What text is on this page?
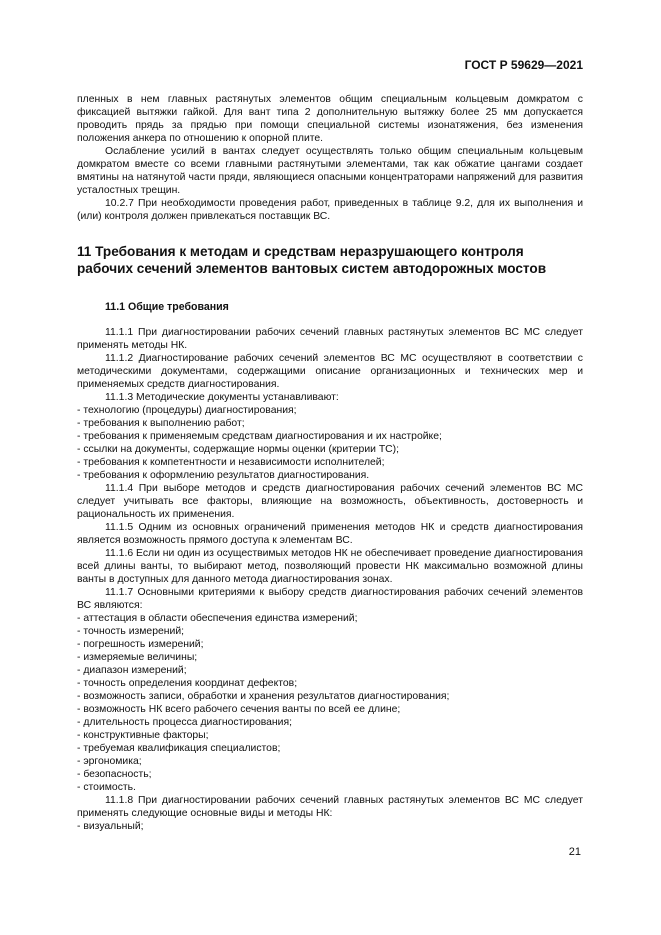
ГОСТ Р 59629—2021

пленных в нем главных растянутых элементов общим специальным кольцевым домкратом с фиксацией вытяжки гайкой. Для вант типа 2 дополнительную вытяжку более 25 мм допускается проводить прядь за прядью при помощи специальной системы изонатяжения, без изменения положения анкера по отношению к опорной плите.

Ослабление усилий в вантах следует осуществлять только общим специальным кольцевым домкратом вместе со всеми главными растянутыми элементами, так как обжатие цангами создает вмятины на натянутой части пряди, являющиеся опасными концентраторами напряжений для развития усталостных трещин.

10.2.7 При необходимости проведения работ, приведенных в таблице 9.2, для их выполнения и (или) контроля должен привлекаться поставщик ВС.

11 Требования к методам и средствам неразрушающего контроля рабочих сечений элементов вантовых систем автодорожных мостов

11.1 Общие требования

11.1.1 При диагностировании рабочих сечений главных растянутых элементов ВС МС следует применять методы НК.

11.1.2 Диагностирование рабочих сечений элементов ВС МС осуществляют в соответствии с методическими документами, содержащими описание организационных и технических мер и применяемых средств диагностирования.

11.1.3 Методические документы устанавливают:

- технологию (процедуры) диагностирования;

- требования к выполнению работ;

- требования к применяемым средствам диагностирования и их настройке;

- ссылки на документы, содержащие нормы оценки (критерии ТС);

- требования к компетентности и независимости исполнителей;

- требования к оформлению результатов диагностирования.

11.1.4 При выборе методов и средств диагностирования рабочих сечений элементов ВС МС следует учитывать все факторы, влияющие на возможность, объективность, достоверность и рациональность их применения.

11.1.5 Одним из основных ограничений применения методов НК и средств диагностирования является возможность прямого доступа к элементам ВС.

11.1.6 Если ни один из осуществимых методов НК не обеспечивает проведение диагностирования всей длины ванты, то выбирают метод, позволяющий провести НК максимально возможной длины ванты в доступных для данного метода диагностирования зонах.

11.1.7 Основными критериями к выбору средств диагностирования рабочих сечений элементов ВС являются:

- аттестация в области обеспечения единства измерений;

- точность измерений;

- погрешность измерений;

- измеряемые величины;

- диапазон измерений;

- точность определения координат дефектов;

- возможность записи, обработки и хранения результатов диагностирования;

- возможность НК всего рабочего сечения ванты по всей ее длине;

- длительность процесса диагностирования;

- конструктивные факторы;

- требуемая квалификация специалистов;

- эргономика;

- безопасность;

- стоимость.

11.1.8 При диагностировании рабочих сечений главных растянутых элементов ВС МС следует применять следующие основные виды и методы НК:

- визуальный;

21
